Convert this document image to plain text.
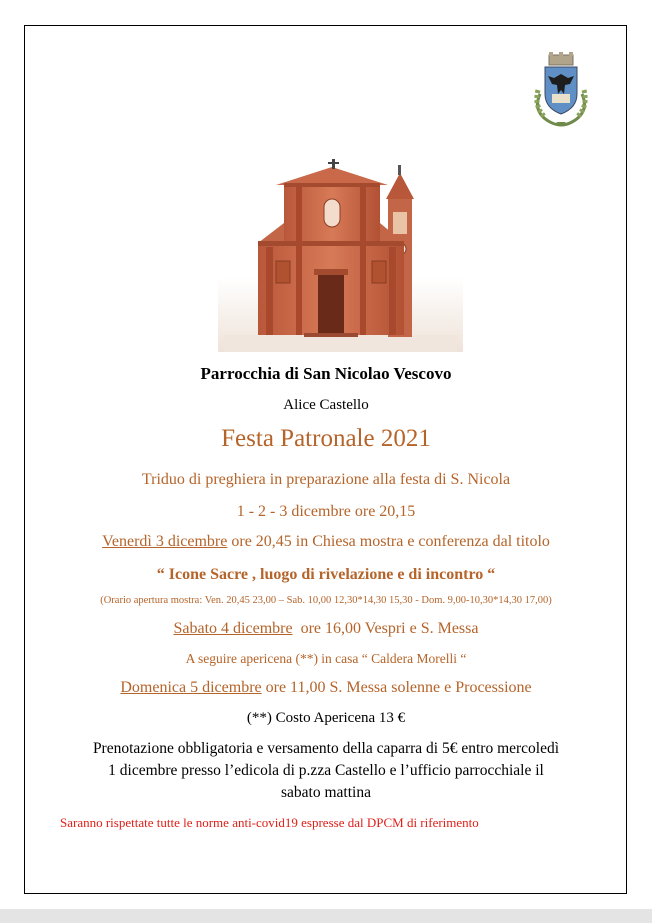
Parrocchia di San Nicolao Vescovo
Alice Castello
Festa Patronale 2021
Triduo di preghiera in preparazione alla festa di S. Nicola
1 - 2 - 3 dicembre ore 20,15
Venerdì 3 dicembre ore 20,45 in Chiesa mostra e conferenza dal titolo
“ Icone Sacre , luogo di rivelazione e di incontro “
(Orario apertura mostra: Ven. 20,45 23,00 – Sab. 10,00 12,30*14,30 15,30 - Dom. 9,00-10,30*14,30 17,00)
Sabato 4 dicembre  ore 16,00 Vespri e S. Messa
A seguire apericena (**) in casa “ Caldera Morelli “
Domenica 5 dicembre ore 11,00 S. Messa solenne e Processione
(**) Costo Apericena 13 €
Prenotazione obbligatoria e versamento della caparra di 5€ entro mercoledì
1 dicembre presso l’edicola di p.zza Castello e l’ufficio parrocchiale il
sabato mattina
Saranno rispettate tutte le norme anti-covid19 espresse dal DPCM di riferimento
